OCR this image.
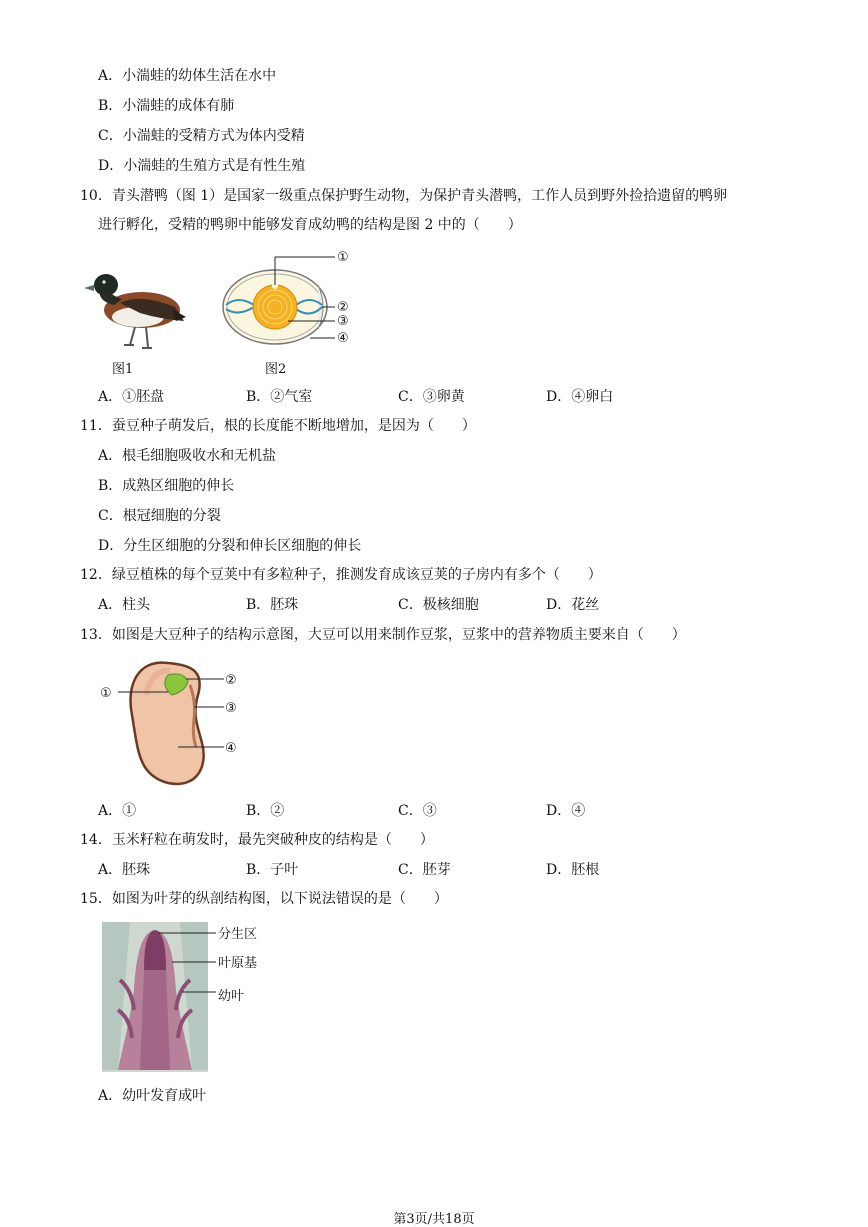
A．小湍蛙的幼体生活在水中
B．小湍蛙的成体有肺
C．小湍蛙的受精方式为体内受精
D．小湍蛙的生殖方式是有性生殖
10．青头潜鸭（图 1）是国家一级重点保护野生动物，为保护青头潜鸭，工作人员到野外捡拾遗留的鸭卵
进行孵化，受精的鸭卵中能够发育成幼鸭的结构是图 2 中的（　　）
图1
①
②
③
④
图2
A．①胚盘	B．②气室	C．③卵黄	D．④卵白
11．蚕豆种子萌发后，根的长度能不断地增加，是因为（　　）
A．根毛细胞吸收水和无机盐
B．成熟区细胞的伸长
C．根冠细胞的分裂
D．分生区细胞的分裂和伸长区细胞的伸长
12．绿豆植株的每个豆荚中有多粒种子，推测发育成该豆荚的子房内有多个（　　）
A．柱头	B．胚珠	C．极核细胞	D．花丝
13．如图是大豆种子的结构示意图，大豆可以用来制作豆浆，豆浆中的营养物质主要来自（　　）
①
②
③
④
A．①	B．②	C．③	D．④
14．玉米籽粒在萌发时，最先突破种皮的结构是（　　）
A．胚珠	B．子叶	C．胚芽	D．胚根
15．如图为叶芽的纵剖结构图，以下说法错误的是（　　）
分生区
叶原基
幼叶
A．幼叶发育成叶
第3页/共18页
